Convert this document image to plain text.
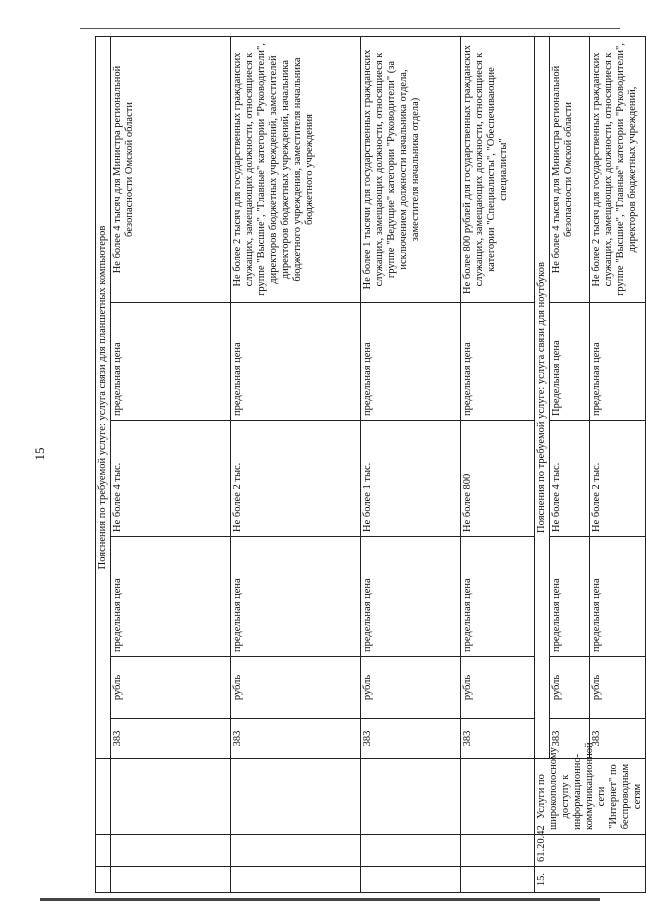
15
				Пояснения по требуемой услуге: услуга связи для планшетных компьютеров					
			383	рубль	предельная цена	Не более 4 тыс.	предельная цена	Не более 4 тысяч для Министра региональной безопасности Омской области
			383	рубль	предельная цена	Не более 2 тыс.	предельная цена	Не более 2 тысяч для государственных гражданских служащих, замещающих должности, относящиеся к группе "Высшие", "Главные" категории "Руководители", директоров бюджетных учреждений, заместителей директоров бюджетных учреждений, начальника бюджетного учреждения, заместителя начальника бюджетного учреждения
			383	рубль	предельная цена	Не более 1 тыс.	предельная цена	Не более 1 тысячи для государственных гражданских служащих, замещающих должности, относящиеся к группе "Ведущие" категории "Руководители" (за исключением должности начальника отдела, заместителя начальника отдела)
			383	рубль	предельная цена	Не более 800	предельная цена	Не более 800 рублей для государственных гражданских служащих, замещающих должности, относящиеся к категории "Специалисты", "Обеспечивающие специалисты"
15.	61.20.42	Услуги по широкополосному доступу к информационно-коммуникационной сети "Интернет" по беспроводным сетям	Пояснения по требуемой услуге: услуга связи для ноутбуков					
			383	рубль	предельная цена	Не более 4 тыс.	Предельная цена	Не более 4 тысяч для Министра региональной безопасности Омской области
			383	рубль	предельная цена	Не более 2 тыс.	предельная цена	Не более 2 тысяч для государственных гражданских служащих, замещающих должности, относящиеся к группе "Высшие", "Главные" категории "Руководители", директоров бюджетных учреждений,
